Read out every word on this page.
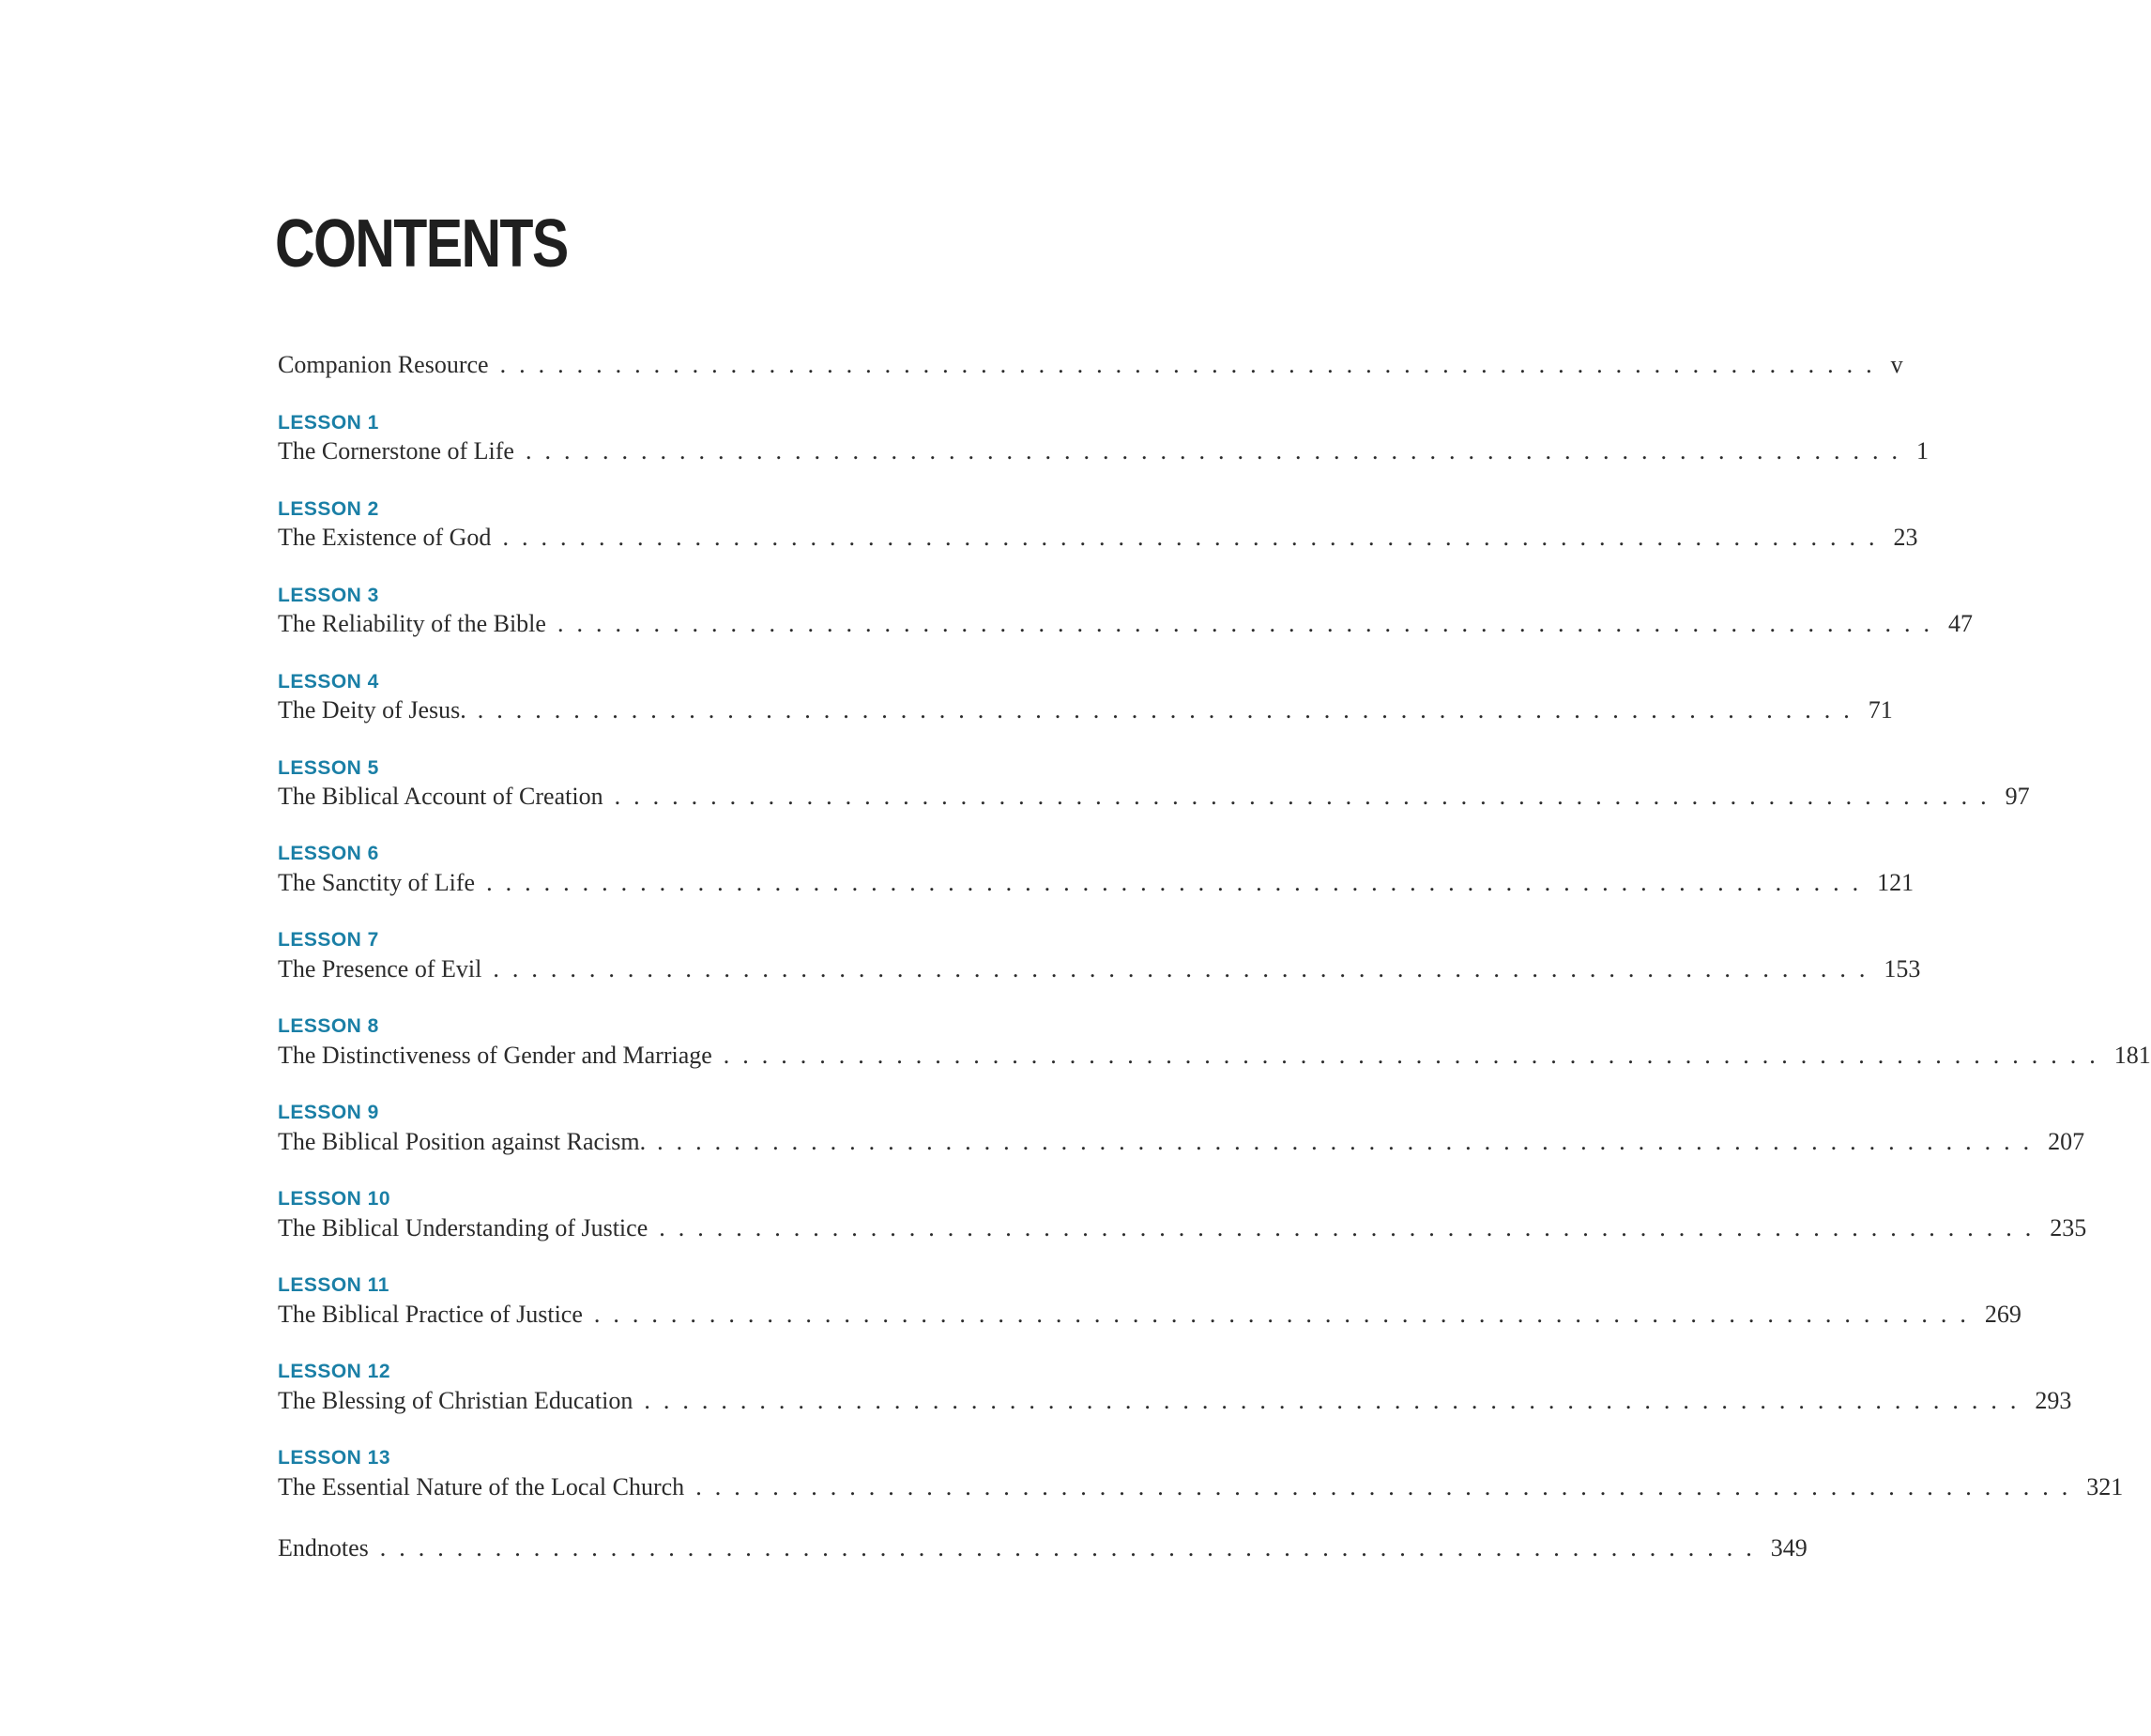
CONTENTS
Companion Resource ........................................................................ v
LESSON 1
The Cornerstone of Life ........................................................................ 1
LESSON 2
The Existence of God ........................................................................ 23
LESSON 3
The Reliability of the Bible ........................................................................ 47
LESSON 4
The Deity of Jesus. ........................................................................ 71
LESSON 5
The Biblical Account of Creation ........................................................................ 97
LESSON 6
The Sanctity of Life ........................................................................ 121
LESSON 7
The Presence of Evil ........................................................................ 153
LESSON 8
The Distinctiveness of Gender and Marriage ........................................................................ 181
LESSON 9
The Biblical Position against Racism. ........................................................................ 207
LESSON 10
The Biblical Understanding of Justice ........................................................................ 235
LESSON 11
The Biblical Practice of Justice ........................................................................ 269
LESSON 12
The Blessing of Christian Education ........................................................................ 293
LESSON 13
The Essential Nature of the Local Church ........................................................................ 321
Endnotes ........................................................................ 349
